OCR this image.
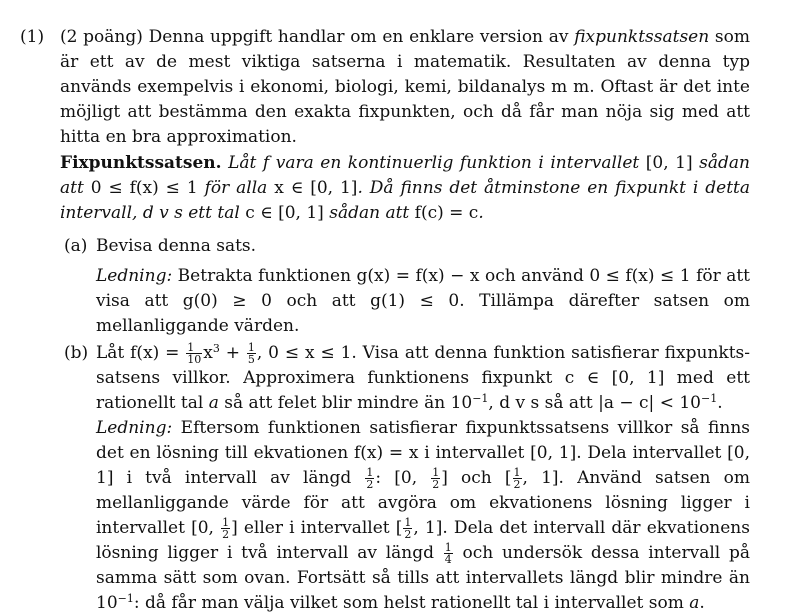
(1) (2 poäng) Denna uppgift handlar om en enklare version av fixpunktssatsen som är ett av de mest viktiga satserna i matematik. Resultaten av denna typ används exempelvis i ekonomi, biologi, kemi, bildanalys m m. Oftast är det inte möjligt att bestämma den exakta fixpunkten, och då får man nöja sig med att hitta en bra approximation.
Fixpunktssatsen. Låt f vara en kontinuerlig funktion i intervallet [0, 1] sådan att 0 ≤ f(x) ≤ 1 för alla x ∈ [0, 1]. Då finns det åtminstone en fixpunkt i detta intervall, d v s ett tal c ∈ [0, 1] sådan att f(c) = c.
(a) Bevisa denna sats.
Ledning: Betrakta funktionen g(x) = f(x) − x och använd 0 ≤ f(x) ≤ 1 för att visa att g(0) ≥ 0 och att g(1) ≤ 0. Tillämpa därefter satsen om mellanliggande värden.
(b) Låt $f(x) = \frac{1}{10} x^3 + \frac{1}{5}$ , 0 ≤ x ≤ 1. Visa att denna funktion satisfierar fixpunkts-satsens villkor. Approximera funktionens fixpunkt c ∈ [0, 1] med ett rationellt tal a så att felet blir mindre än $10^{-1}$, d v s så att $|a - c| < 10^{-1}$.
Ledning: Eftersom funktionen satisfierar fixpunktssatsens villkor så finns det en lösning till ekvationen f(x) = x i intervallet [0, 1]. Dela intervallet [0, 1] i två intervall av längd $\frac{1}{2}$ : [0, $\frac{1}{2}$ ] och [ $\frac{1}{2}$ , 1]. Använd satsen om mellanliggande värde för att avgöra om ekvationens lösning ligger i intervallet [0, $\frac{1}{2}$ ] eller i intervallet [ $\frac{1}{2}$ , 1]. Dela det intervall där ekvationens lösning ligger i två intervall av längd $\frac{1}{4}$ och undersök dessa intervall på samma sätt som ovan. Fortsätt så tills att intervallets längd blir mindre än $10^{-1}$: då får man välja vilket som helst rationellt tal i intervallet som a.
